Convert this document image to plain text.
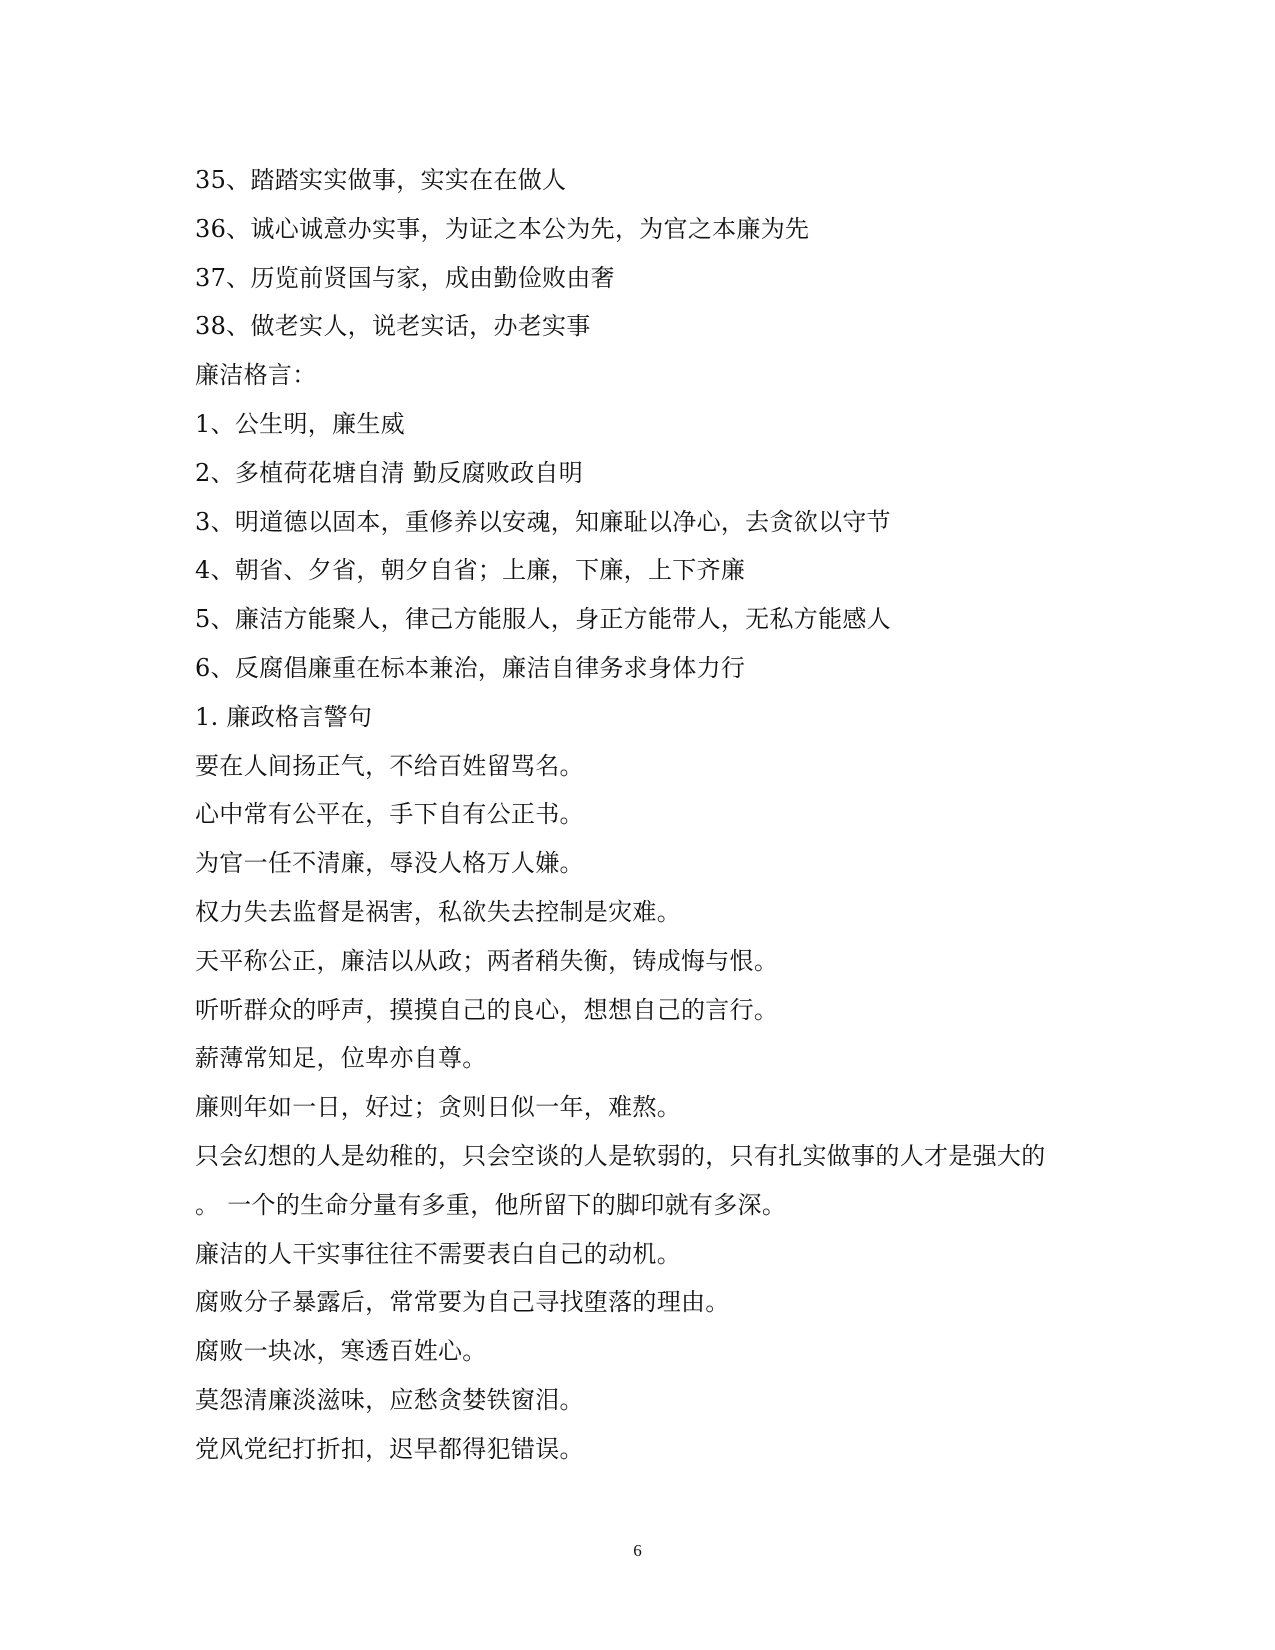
35、踏踏实实做事，实实在在做人
36、诚心诚意办实事，为证之本公为先，为官之本廉为先
37、历览前贤国与家，成由勤俭败由奢
38、做老实人，说老实话，办老实事
廉洁格言：
1、公生明，廉生威
2、多植荷花塘自清 勤反腐败政自明
3、明道德以固本，重修养以安魂，知廉耻以净心，去贪欲以守节
4、朝省、夕省，朝夕自省；上廉，下廉，上下齐廉
5、廉洁方能聚人，律己方能服人，身正方能带人，无私方能感人
6、反腐倡廉重在标本兼治，廉洁自律务求身体力行
1. 廉政格言警句
要在人间扬正气，不给百姓留骂名。
心中常有公平在，手下自有公正书。
为官一任不清廉，辱没人格万人嫌。
权力失去监督是祸害，私欲失去控制是灾难。
天平称公正，廉洁以从政；两者稍失衡，铸成悔与恨。
听听群众的呼声，摸摸自己的良心，想想自己的言行。
薪薄常知足，位卑亦自尊。
廉则年如一日，好过；贪则日似一年，难熬。
只会幻想的人是幼稚的，只会空谈的人是软弱的，只有扎实做事的人才是强大的
。 一个的生命分量有多重，他所留下的脚印就有多深。
廉洁的人干实事往往不需要表白自己的动机。
腐败分子暴露后，常常要为自己寻找堕落的理由。
腐败一块冰，寒透百姓心。
莫怨清廉淡滋味，应愁贪婪铁窗泪。
党风党纪打折扣，迟早都得犯错误。
6
